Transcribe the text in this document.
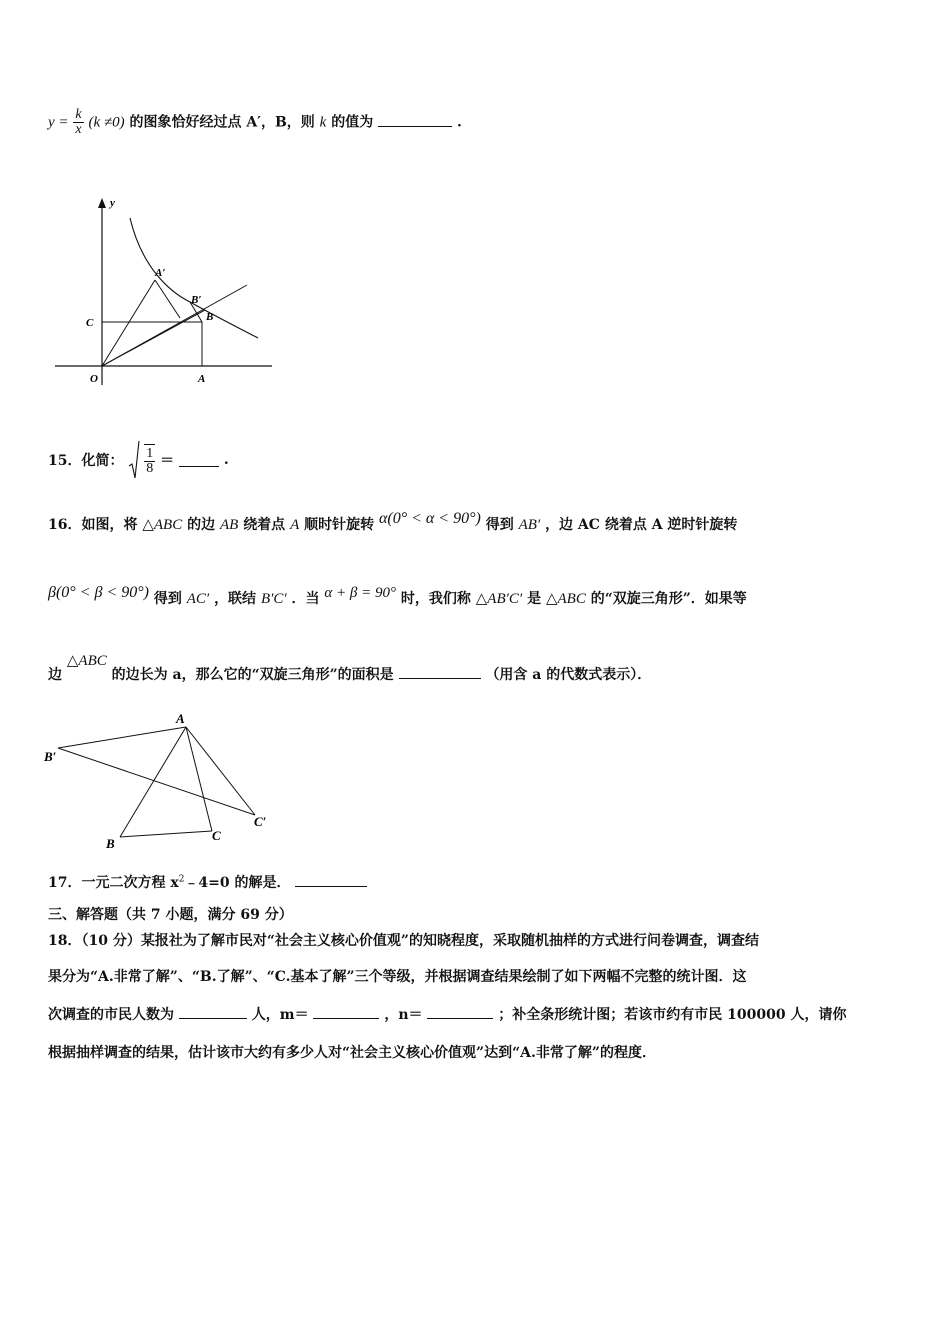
$y = \frac{k}{x} (k \ne 0)$ 的图象恰好经过点 A′，B，则 k 的值为	.
y
C
O	A
A′
B′
B
15．化简： $\frac{1}{8}$ ＝	.
16．如图，将 △ABC 的边 AB 绕着点 A 顺时针旋转 α(0° < α < 90°) 得到 AB′ ，边 AC 绕着点 A 逆时针旋转
β(0° < β < 90°) 得到 AC′ ，联结 B′C′ ．当 α + β = 90° 时，我们称 △AB′C′ 是 △ABC 的“双旋三角形”．如果等
边 △ABC 的边长为 a，那么它的“双旋三角形”的面积是	（用含 a 的代数式表示）．
A
B′
B
C
C′
17．一元二次方程 $x^2﹣4=0$ 的解是．
三、解答题（共 7 小题，满分 69 分）
18．（10 分）某报社为了解市民对“社会主义核心价值观”的知晓程度，采取随机抽样的方式进行问卷调查，调查结
果分为“A.非常了解”、“B.了解”、“C.基本了解”三个等级，并根据调查结果绘制了如下两幅不完整的统计图．这
次调查的市民人数为	人，m＝	，n＝	；补全条形统计图；若该市约有市民 100000 人，请你
根据抽样调查的结果，估计该市大约有多少人对“社会主义核心价值观”达到“A.非常了解”的程度．
